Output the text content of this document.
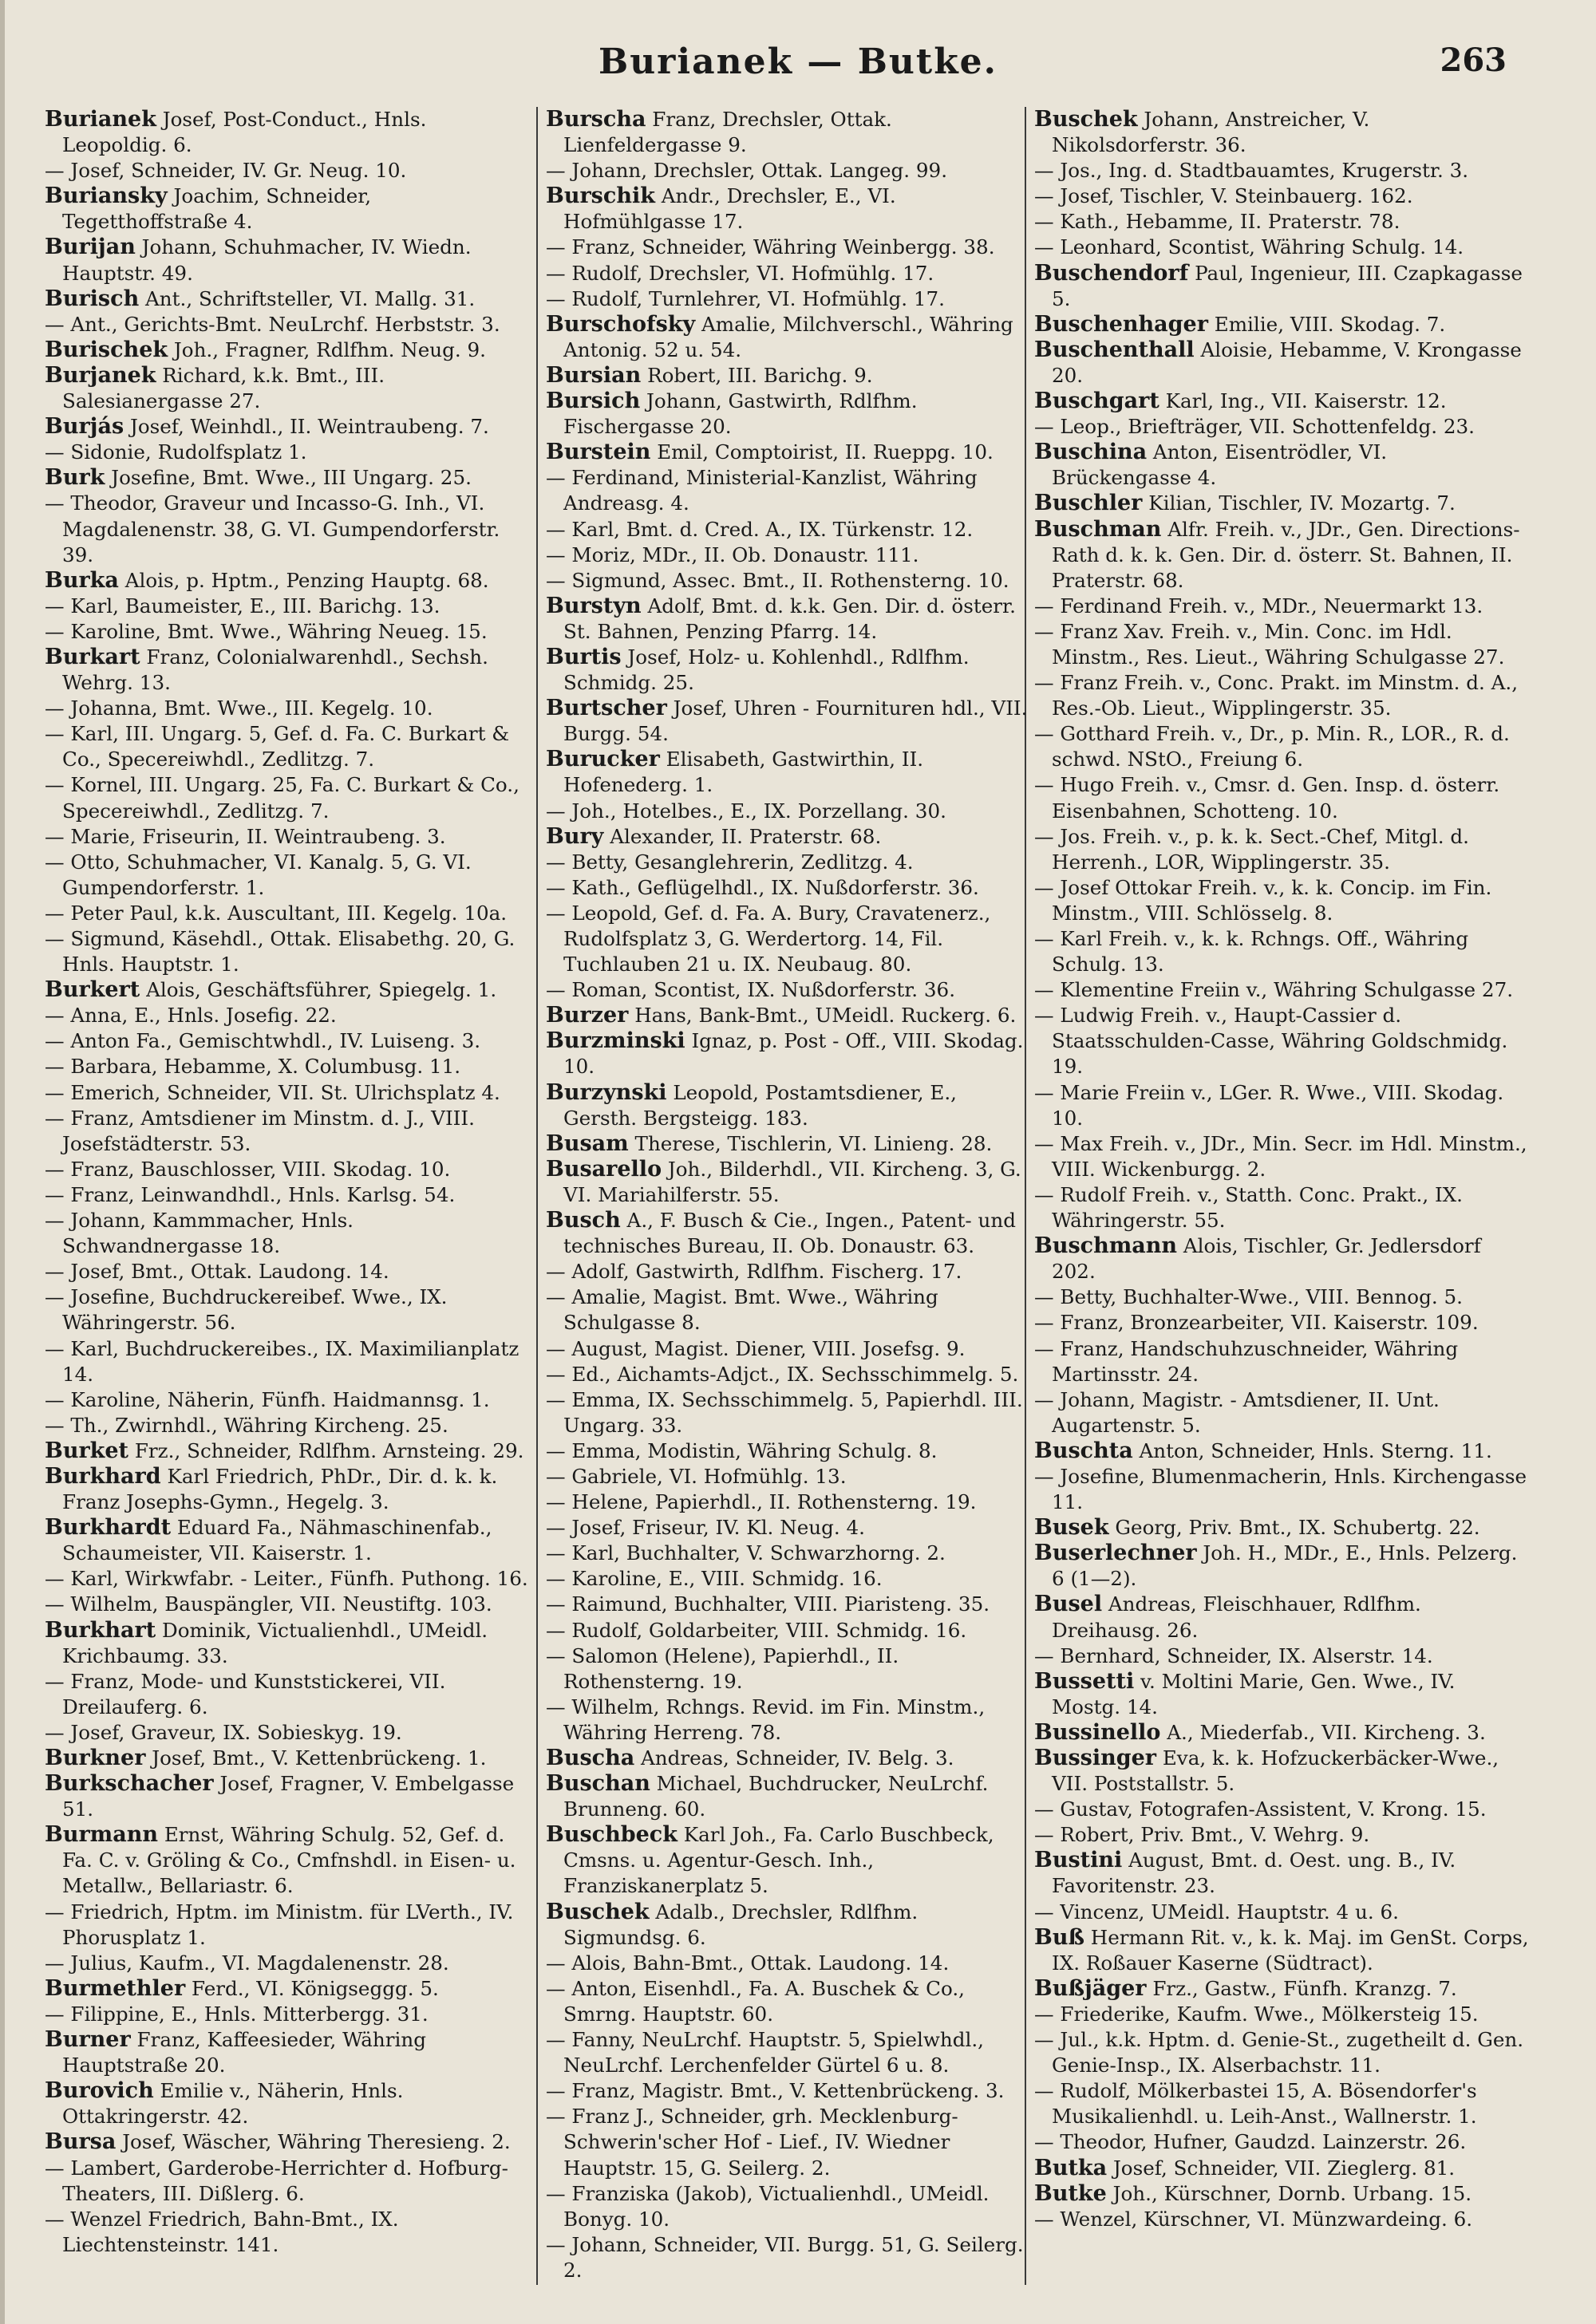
Burianek — Butke.	263

Burianek Josef, Post-Conduct., Hnls. Leopoldig. 6.

— Josef, Schneider, IV. Gr. Neug. 10.

Buriansky Joachim, Schneider, Tegetthoffstraße 4.

Burijan Johann, Schuhmacher, IV. Wiedn. Hauptstr. 49.

Burisch Ant., Schriftsteller, VI. Mallg. 31.

— Ant., Gerichts-Bmt. NeuLrchf. Herbststr. 3.

Burischek Joh., Fragner, Rdlfhm. Neug. 9.

Burjanek Richard, k.k. Bmt., III. Salesianergasse 27.

Burjás Josef, Weinhdl., II. Weintraubeng. 7.

— Sidonie, Rudolfsplatz 1.

Burk Josefine, Bmt. Wwe., III Ungarg. 25.

— Theodor, Graveur und Incasso-G. Inh., VI. Magdalenenstr. 38, G. VI. Gumpendorferstr. 39.

Burka Alois, p. Hptm., Penzing Hauptg. 68.

— Karl, Baumeister, E., III. Barichg. 13.

— Karoline, Bmt. Wwe., Währing Neueg. 15.

Burkart Franz, Colonialwarenhdl., Sechsh. Wehrg. 13.

— Johanna, Bmt. Wwe., III. Kegelg. 10.

— Karl, III. Ungarg. 5, Gef. d. Fa. C. Burkart & Co., Specereiwhdl., Zedlitzg. 7.

— Kornel, III. Ungarg. 25, Fa. C. Burkart & Co., Specereiwhdl., Zedlitzg. 7.

— Marie, Friseurin, II. Weintraubeng. 3.

— Otto, Schuhmacher, VI. Kanalg. 5, G. VI. Gumpendorferstr. 1.

— Peter Paul, k.k. Auscultant, III. Kegelg. 10a.

— Sigmund, Käsehdl., Ottak. Elisabethg. 20, G. Hnls. Hauptstr. 1.

Burkert Alois, Geschäftsführer, Spiegelg. 1.

— Anna, E., Hnls. Josefig. 22.

— Anton Fa., Gemischtwhdl., IV. Luiseng. 3.

— Barbara, Hebamme, X. Columbusg. 11.

— Emerich, Schneider, VII. St. Ulrichsplatz 4.

— Franz, Amtsdiener im Minstm. d. J., VIII. Josefstädterstr. 53.

— Franz, Bauschlosser, VIII. Skodag. 10.

— Franz, Leinwandhdl., Hnls. Karlsg. 54.

— Johann, Kammmacher, Hnls. Schwandnergasse 18.

— Josef, Bmt., Ottak. Laudong. 14.

— Josefine, Buchdruckereibef. Wwe., IX. Währingerstr. 56.

— Karl, Buchdruckereibes., IX. Maximilianplatz 14.

— Karoline, Näherin, Fünfh. Haidmannsg. 1.

— Th., Zwirnhdl., Währing Kircheng. 25.

Burket Frz., Schneider, Rdlfhm. Arnsteing. 29.

Burkhard Karl Friedrich, PhDr., Dir. d. k. k. Franz Josephs-Gymn., Hegelg. 3.

Burkhardt Eduard Fa., Nähmaschinenfab., Schaumeister, VII. Kaiserstr. 1.

— Karl, Wirkwfabr. - Leiter., Fünfh. Puthong. 16.

— Wilhelm, Bauspängler, VII. Neustiftg. 103.

Burkhart Dominik, Victualienhdl., UMeidl. Krichbaumg. 33.

— Franz, Mode- und Kunststickerei, VII. Dreilauferg. 6.

— Josef, Graveur, IX. Sobieskyg. 19.

Burkner Josef, Bmt., V. Kettenbrückeng. 1.

Burkschacher Josef, Fragner, V. Embelgasse 51.

Burmann Ernst, Währing Schulg. 52, Gef. d. Fa. C. v. Gröling & Co., Cmfnshdl. in Eisen- u. Metallw., Bellariastr. 6.

— Friedrich, Hptm. im Ministm. für LVerth., IV. Phorusplatz 1.

— Julius, Kaufm., VI. Magdalenenstr. 28.

Burmethler Ferd., VI. Königseggg. 5.

— Filippine, E., Hnls. Mitterbergg. 31.

Burner Franz, Kaffeesieder, Währing Hauptstraße 20.

Burovich Emilie v., Näherin, Hnls. Ottakringerstr. 42.

Bursa Josef, Wäscher, Währing Theresieng. 2.

— Lambert, Garderobe-Herrichter d. Hofburg-Theaters, III. Dißlerg. 6.

— Wenzel Friedrich, Bahn-Bmt., IX. Liechtensteinstr. 141.

Burscha Franz, Drechsler, Ottak. Lienfeldergasse 9.

— Johann, Drechsler, Ottak. Langeg. 99.

Burschik Andr., Drechsler, E., VI. Hofmühlgasse 17.

— Franz, Schneider, Währing Weinbergg. 38.

— Rudolf, Drechsler, VI. Hofmühlg. 17.

— Rudolf, Turnlehrer, VI. Hofmühlg. 17.

Burschofsky Amalie, Milchverschl., Währing Antonig. 52 u. 54.

Bursian Robert, III. Barichg. 9.

Bursich Johann, Gastwirth, Rdlfhm. Fischergasse 20.

Burstein Emil, Comptoirist, II. Rueppg. 10.

— Ferdinand, Ministerial-Kanzlist, Währing Andreasg. 4.

— Karl, Bmt. d. Cred. A., IX. Türkenstr. 12.

— Moriz, MDr., II. Ob. Donaustr. 111.

— Sigmund, Assec. Bmt., II. Rothensterng. 10.

Burstyn Adolf, Bmt. d. k.k. Gen. Dir. d. österr. St. Bahnen, Penzing Pfarrg. 14.

Burtis Josef, Holz- u. Kohlenhdl., Rdlfhm. Schmidg. 25.

Burtscher Josef, Uhren - Fournituren hdl., VII. Burgg. 54.

Burucker Elisabeth, Gastwirthin, II. Hofenederg. 1.

— Joh., Hotelbes., E., IX. Porzellang. 30.

Bury Alexander, II. Praterstr. 68.

— Betty, Gesanglehrerin, Zedlitzg. 4.

— Kath., Geflügelhdl., IX. Nußdorferstr. 36.

— Leopold, Gef. d. Fa. A. Bury, Cravatenerz., Rudolfsplatz 3, G. Werdertorg. 14, Fil. Tuchlauben 21 u. IX. Neubaug. 80.

— Roman, Scontist, IX. Nußdorferstr. 36.

Burzer Hans, Bank-Bmt., UMeidl. Ruckerg. 6.

Burzminski Ignaz, p. Post - Off., VIII. Skodag. 10.

Burzynski Leopold, Postamtsdiener, E., Gersth. Bergsteigg. 183.

Busam Therese, Tischlerin, VI. Linieng. 28.

Busarello Joh., Bilderhdl., VII. Kircheng. 3, G. VI. Mariahilferstr. 55.

Busch A., F. Busch & Cie., Ingen., Patent- und technisches Bureau, II. Ob. Donaustr. 63.

— Adolf, Gastwirth, Rdlfhm. Fischerg. 17.

— Amalie, Magist. Bmt. Wwe., Währing Schulgasse 8.

— August, Magist. Diener, VIII. Josefsg. 9.

— Ed., Aichamts-Adjct., IX. Sechsschimmelg. 5.

— Emma, IX. Sechsschimmelg. 5, Papierhdl. III. Ungarg. 33.

— Emma, Modistin, Währing Schulg. 8.

— Gabriele, VI. Hofmühlg. 13.

— Helene, Papierhdl., II. Rothensterng. 19.

— Josef, Friseur, IV. Kl. Neug. 4.

— Karl, Buchhalter, V. Schwarzhorng. 2.

— Karoline, E., VIII. Schmidg. 16.

— Raimund, Buchhalter, VIII. Piaristeng. 35.

— Rudolf, Goldarbeiter, VIII. Schmidg. 16.

— Salomon (Helene), Papierhdl., II. Rothensterng. 19.

— Wilhelm, Rchngs. Revid. im Fin. Minstm., Währing Herreng. 78.

Buscha Andreas, Schneider, IV. Belg. 3.

Buschan Michael, Buchdrucker, NeuLrchf. Brunneng. 60.

Buschbeck Karl Joh., Fa. Carlo Buschbeck, Cmsns. u. Agentur-Gesch. Inh., Franziskanerplatz 5.

Buschek Adalb., Drechsler, Rdlfhm. Sigmundsg. 6.

— Alois, Bahn-Bmt., Ottak. Laudong. 14.

— Anton, Eisenhdl., Fa. A. Buschek & Co., Smrng. Hauptstr. 60.

— Fanny, NeuLrchf. Hauptstr. 5, Spielwhdl., NeuLrchf. Lerchenfelder Gürtel 6 u. 8.

— Franz, Magistr. Bmt., V. Kettenbrückeng. 3.

— Franz J., Schneider, grh. Mecklenburg-Schwerin'scher Hof - Lief., IV. Wiedner Hauptstr. 15, G. Seilerg. 2.

— Franziska (Jakob), Victualienhdl., UMeidl. Bonyg. 10.

— Johann, Schneider, VII. Burgg. 51, G. Seilerg. 2.

Buschek Johann, Anstreicher, V. Nikolsdorferstr. 36.

— Jos., Ing. d. Stadtbauamtes, Krugerstr. 3.

— Josef, Tischler, V. Steinbauerg. 162.

— Kath., Hebamme, II. Praterstr. 78.

— Leonhard, Scontist, Währing Schulg. 14.

Buschendorf Paul, Ingenieur, III. Czapkagasse 5.

Buschenhager Emilie, VIII. Skodag. 7.

Buschenthall Aloisie, Hebamme, V. Krongasse 20.

Buschgart Karl, Ing., VII. Kaiserstr. 12.

— Leop., Briefträger, VII. Schottenfeldg. 23.

Buschina Anton, Eisentrödler, VI. Brückengasse 4.

Buschler Kilian, Tischler, IV. Mozartg. 7.

Buschman Alfr. Freih. v., JDr., Gen. Directions-Rath d. k. k. Gen. Dir. d. österr. St. Bahnen, II. Praterstr. 68.

— Ferdinand Freih. v., MDr., Neuermarkt 13.

— Franz Xav. Freih. v., Min. Conc. im Hdl. Minstm., Res. Lieut., Währing Schulgasse 27.

— Franz Freih. v., Conc. Prakt. im Minstm. d. A., Res.-Ob. Lieut., Wipplingerstr. 35.

— Gotthard Freih. v., Dr., p. Min. R., LOR., R. d. schwd. NStO., Freiung 6.

— Hugo Freih. v., Cmsr. d. Gen. Insp. d. österr. Eisenbahnen, Schotteng. 10.

— Jos. Freih. v., p. k. k. Sect.-Chef, Mitgl. d. Herrenh., LOR, Wipplingerstr. 35.

— Josef Ottokar Freih. v., k. k. Concip. im Fin. Minstm., VIII. Schlösselg. 8.

— Karl Freih. v., k. k. Rchngs. Off., Währing Schulg. 13.

— Klementine Freiin v., Währing Schulgasse 27.

— Ludwig Freih. v., Haupt-Cassier d. Staatsschulden-Casse, Währing Goldschmidg. 19.

— Marie Freiin v., LGer. R. Wwe., VIII. Skodag. 10.

— Max Freih. v., JDr., Min. Secr. im Hdl. Minstm., VIII. Wickenburgg. 2.

— Rudolf Freih. v., Statth. Conc. Prakt., IX. Währingerstr. 55.

Buschmann Alois, Tischler, Gr. Jedlersdorf 202.

— Betty, Buchhalter-Wwe., VIII. Bennog. 5.

— Franz, Bronzearbeiter, VII. Kaiserstr. 109.

— Franz, Handschuhzuschneider, Währing Martinsstr. 24.

— Johann, Magistr. - Amtsdiener, II. Unt. Augartenstr. 5.

Buschta Anton, Schneider, Hnls. Sterng. 11.

— Josefine, Blumenmacherin, Hnls. Kirchengasse 11.

Busek Georg, Priv. Bmt., IX. Schubertg. 22.

Buserlechner Joh. H., MDr., E., Hnls. Pelzerg. 6 (1—2).

Busel Andreas, Fleischhauer, Rdlfhm. Dreihausg. 26.

— Bernhard, Schneider, IX. Alserstr. 14.

Bussetti v. Moltini Marie, Gen. Wwe., IV. Mostg. 14.

Bussinello A., Miederfab., VII. Kircheng. 3.

Bussinger Eva, k. k. Hofzuckerbäcker-Wwe., VII. Poststallstr. 5.

— Gustav, Fotografen-Assistent, V. Krong. 15.

— Robert, Priv. Bmt., V. Wehrg. 9.

Bustini August, Bmt. d. Oest. ung. B., IV. Favoritenstr. 23.

— Vincenz, UMeidl. Hauptstr. 4 u. 6.

Buß Hermann Rit. v., k. k. Maj. im GenSt. Corps, IX. Roßauer Kaserne (Südtract).

Bußjäger Frz., Gastw., Fünfh. Kranzg. 7.

— Friederike, Kaufm. Wwe., Mölkersteig 15.

— Jul., k.k. Hptm. d. Genie-St., zugetheilt d. Gen. Genie-Insp., IX. Alserbachstr. 11.

— Rudolf, Mölkerbastei 15, A. Bösendorfer's Musikalienhdl. u. Leih-Anst., Wallnerstr. 1.

— Theodor, Hufner, Gaudzd. Lainzerstr. 26.

Butka Josef, Schneider, VII. Zieglerg. 81.

Butke Joh., Kürschner, Dornb. Urbang. 15.

— Wenzel, Kürschner, VI. Münzwardeing. 6.
